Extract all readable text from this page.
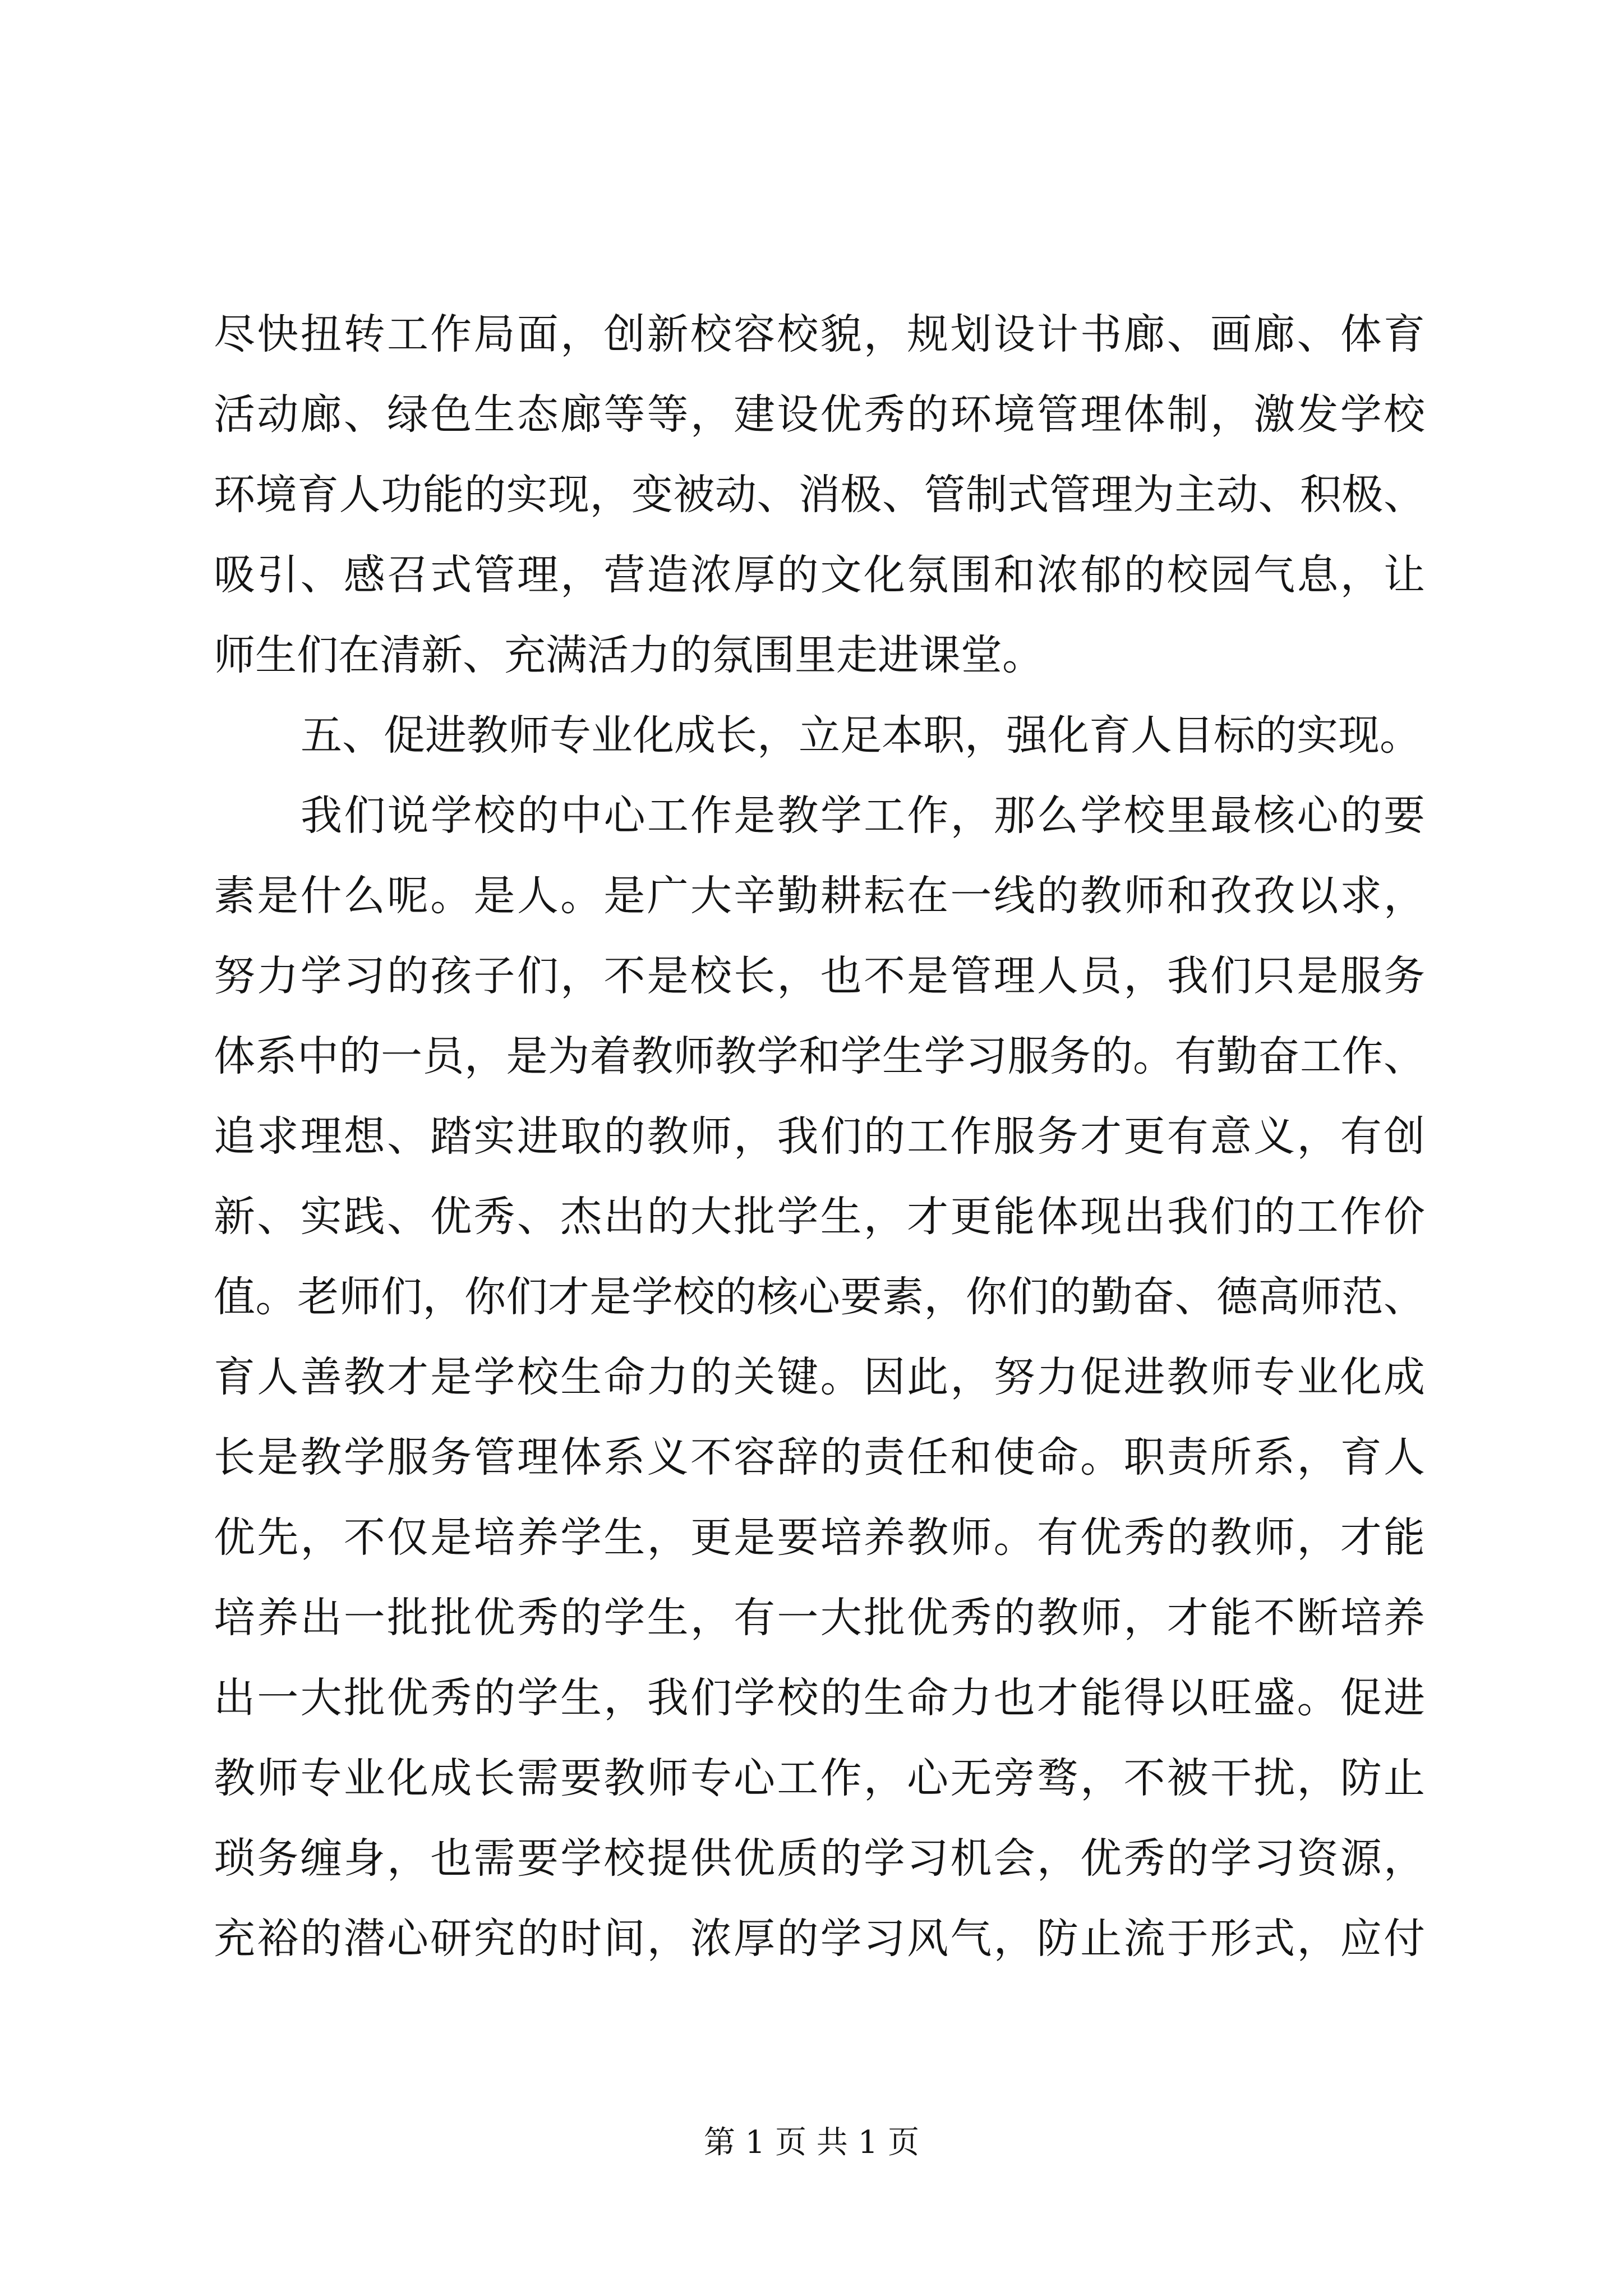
尽快扭转工作局面，创新校容校貌，规划设计书廊、画廊、体育
活动廊、绿色生态廊等等，建设优秀的环境管理体制，激发学校
环境育人功能的实现，变被动、消极、管制式管理为主动、积极、
吸引、感召式管理，营造浓厚的文化氛围和浓郁的校园气息，让
师生们在清新、充满活力的氛围里走进课堂。
五、促进教师专业化成长，立足本职，强化育人目标的实现。
我们说学校的中心工作是教学工作，那么学校里最核心的要
素是什么呢。是人。是广大辛勤耕耘在一线的教师和孜孜以求，
努力学习的孩子们，不是校长，也不是管理人员，我们只是服务
体系中的一员，是为着教师教学和学生学习服务的。有勤奋工作、
追求理想、踏实进取的教师，我们的工作服务才更有意义，有创
新、实践、优秀、杰出的大批学生，才更能体现出我们的工作价
值。老师们，你们才是学校的核心要素，你们的勤奋、德高师范、
育人善教才是学校生命力的关键。因此，努力促进教师专业化成
长是教学服务管理体系义不容辞的责任和使命。职责所系，育人
优先，不仅是培养学生，更是要培养教师。有优秀的教师，才能
培养出一批批优秀的学生，有一大批优秀的教师，才能不断培养
出一大批优秀的学生，我们学校的生命力也才能得以旺盛。促进
教师专业化成长需要教师专心工作，心无旁骛，不被干扰，防止
琐务缠身，也需要学校提供优质的学习机会，优秀的学习资源，
充裕的潜心研究的时间，浓厚的学习风气，防止流于形式，应付
第 1 页 共 1 页
